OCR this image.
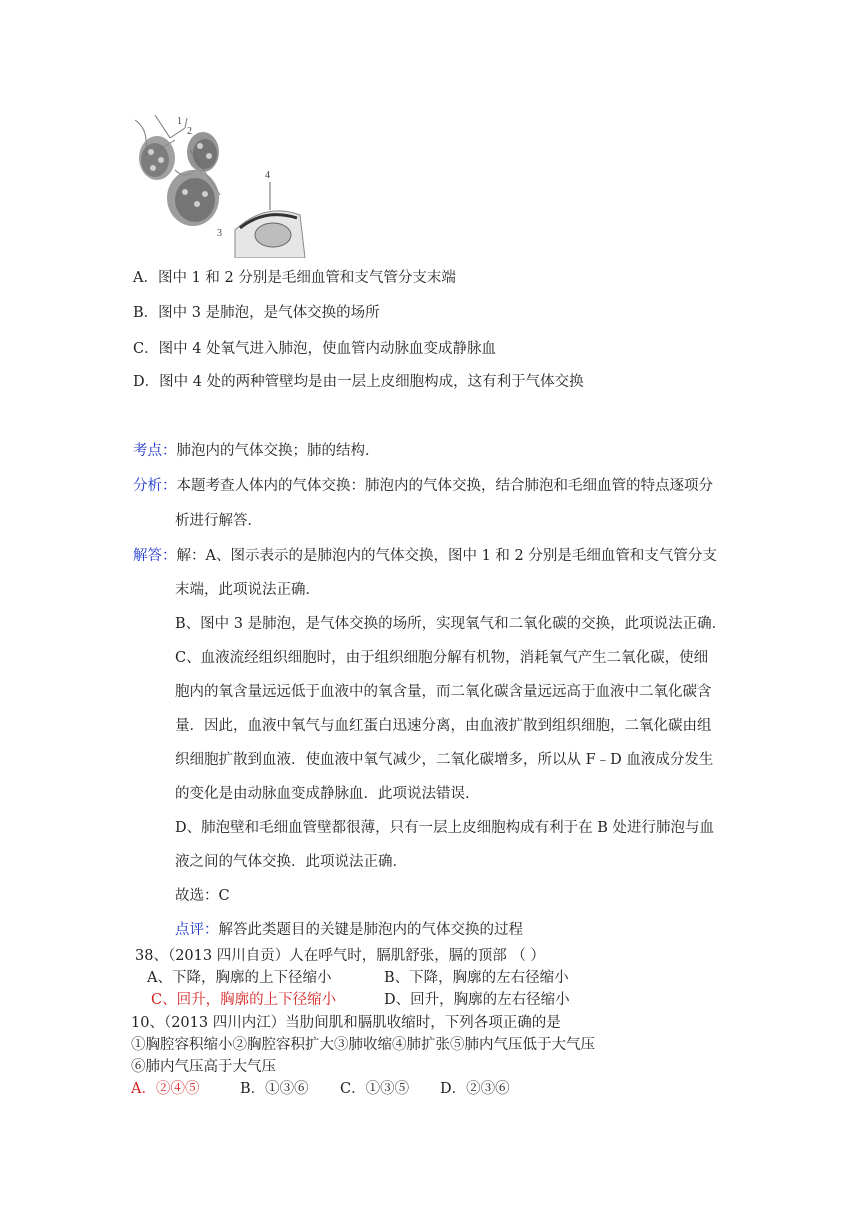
1
2
3
4
A．图中 1 和 2 分别是毛细血管和支气管分支末端
B．图中 3 是肺泡，是气体交换的场所
C．图中 4 处氧气进入肺泡，使血管内动脉血变成静脉血
D．图中 4 处的两种管壁均是由一层上皮细胞构成，这有利于气体交换
考点：肺泡内的气体交换；肺的结构．
分析：本题考查人体内的气体交换：肺泡内的气体交换，结合肺泡和毛细血管的特点逐项分
析进行解答．
解答：解：A、图示表示的是肺泡内的气体交换，图中 1 和 2 分别是毛细血管和支气管分支
末端，此项说法正确．
B、图中 3 是肺泡，是气体交换的场所，实现氧气和二氧化碳的交换，此项说法正确．
C、血液流经组织细胞时，由于组织细胞分解有机物，消耗氧气产生二氧化碳，使细
胞内的氧含量远远低于血液中的氧含量，而二氧化碳含量远远高于血液中二氧化碳含
量．因此，血液中氧气与血红蛋白迅速分离，由血液扩散到组织细胞，二氧化碳由组
织细胞扩散到血液．使血液中氧气减少，二氧化碳增多，所以从 F﹣D 血液成分发生
的变化是由动脉血变成静脉血．此项说法错误．
D、肺泡壁和毛细血管壁都很薄，只有一层上皮细胞构成有利于在 B 处进行肺泡与血
液之间的气体交换．此项说法正确．
故选：C
点评：解答此类题目的关键是肺泡内的气体交换的过程
38、（2013 四川自贡）人在呼气时，膈肌舒张，膈的顶部 （ ）
A、下降，胸廓的上下径缩小	B、下降，胸廓的左右径缩小
C、回升，胸廓的上下径缩小	D、回升，胸廓的左右径缩小
10、（2013 四川内江）当肋间肌和膈肌收缩时，下列各项正确的是
①胸腔容积缩小②胸腔容积扩大③肺收缩④肺扩张⑤肺内气压低于大气压
⑥肺内气压高于大气压
A．②④⑤	B．①③⑥ C．①③⑤ D．②③⑥
